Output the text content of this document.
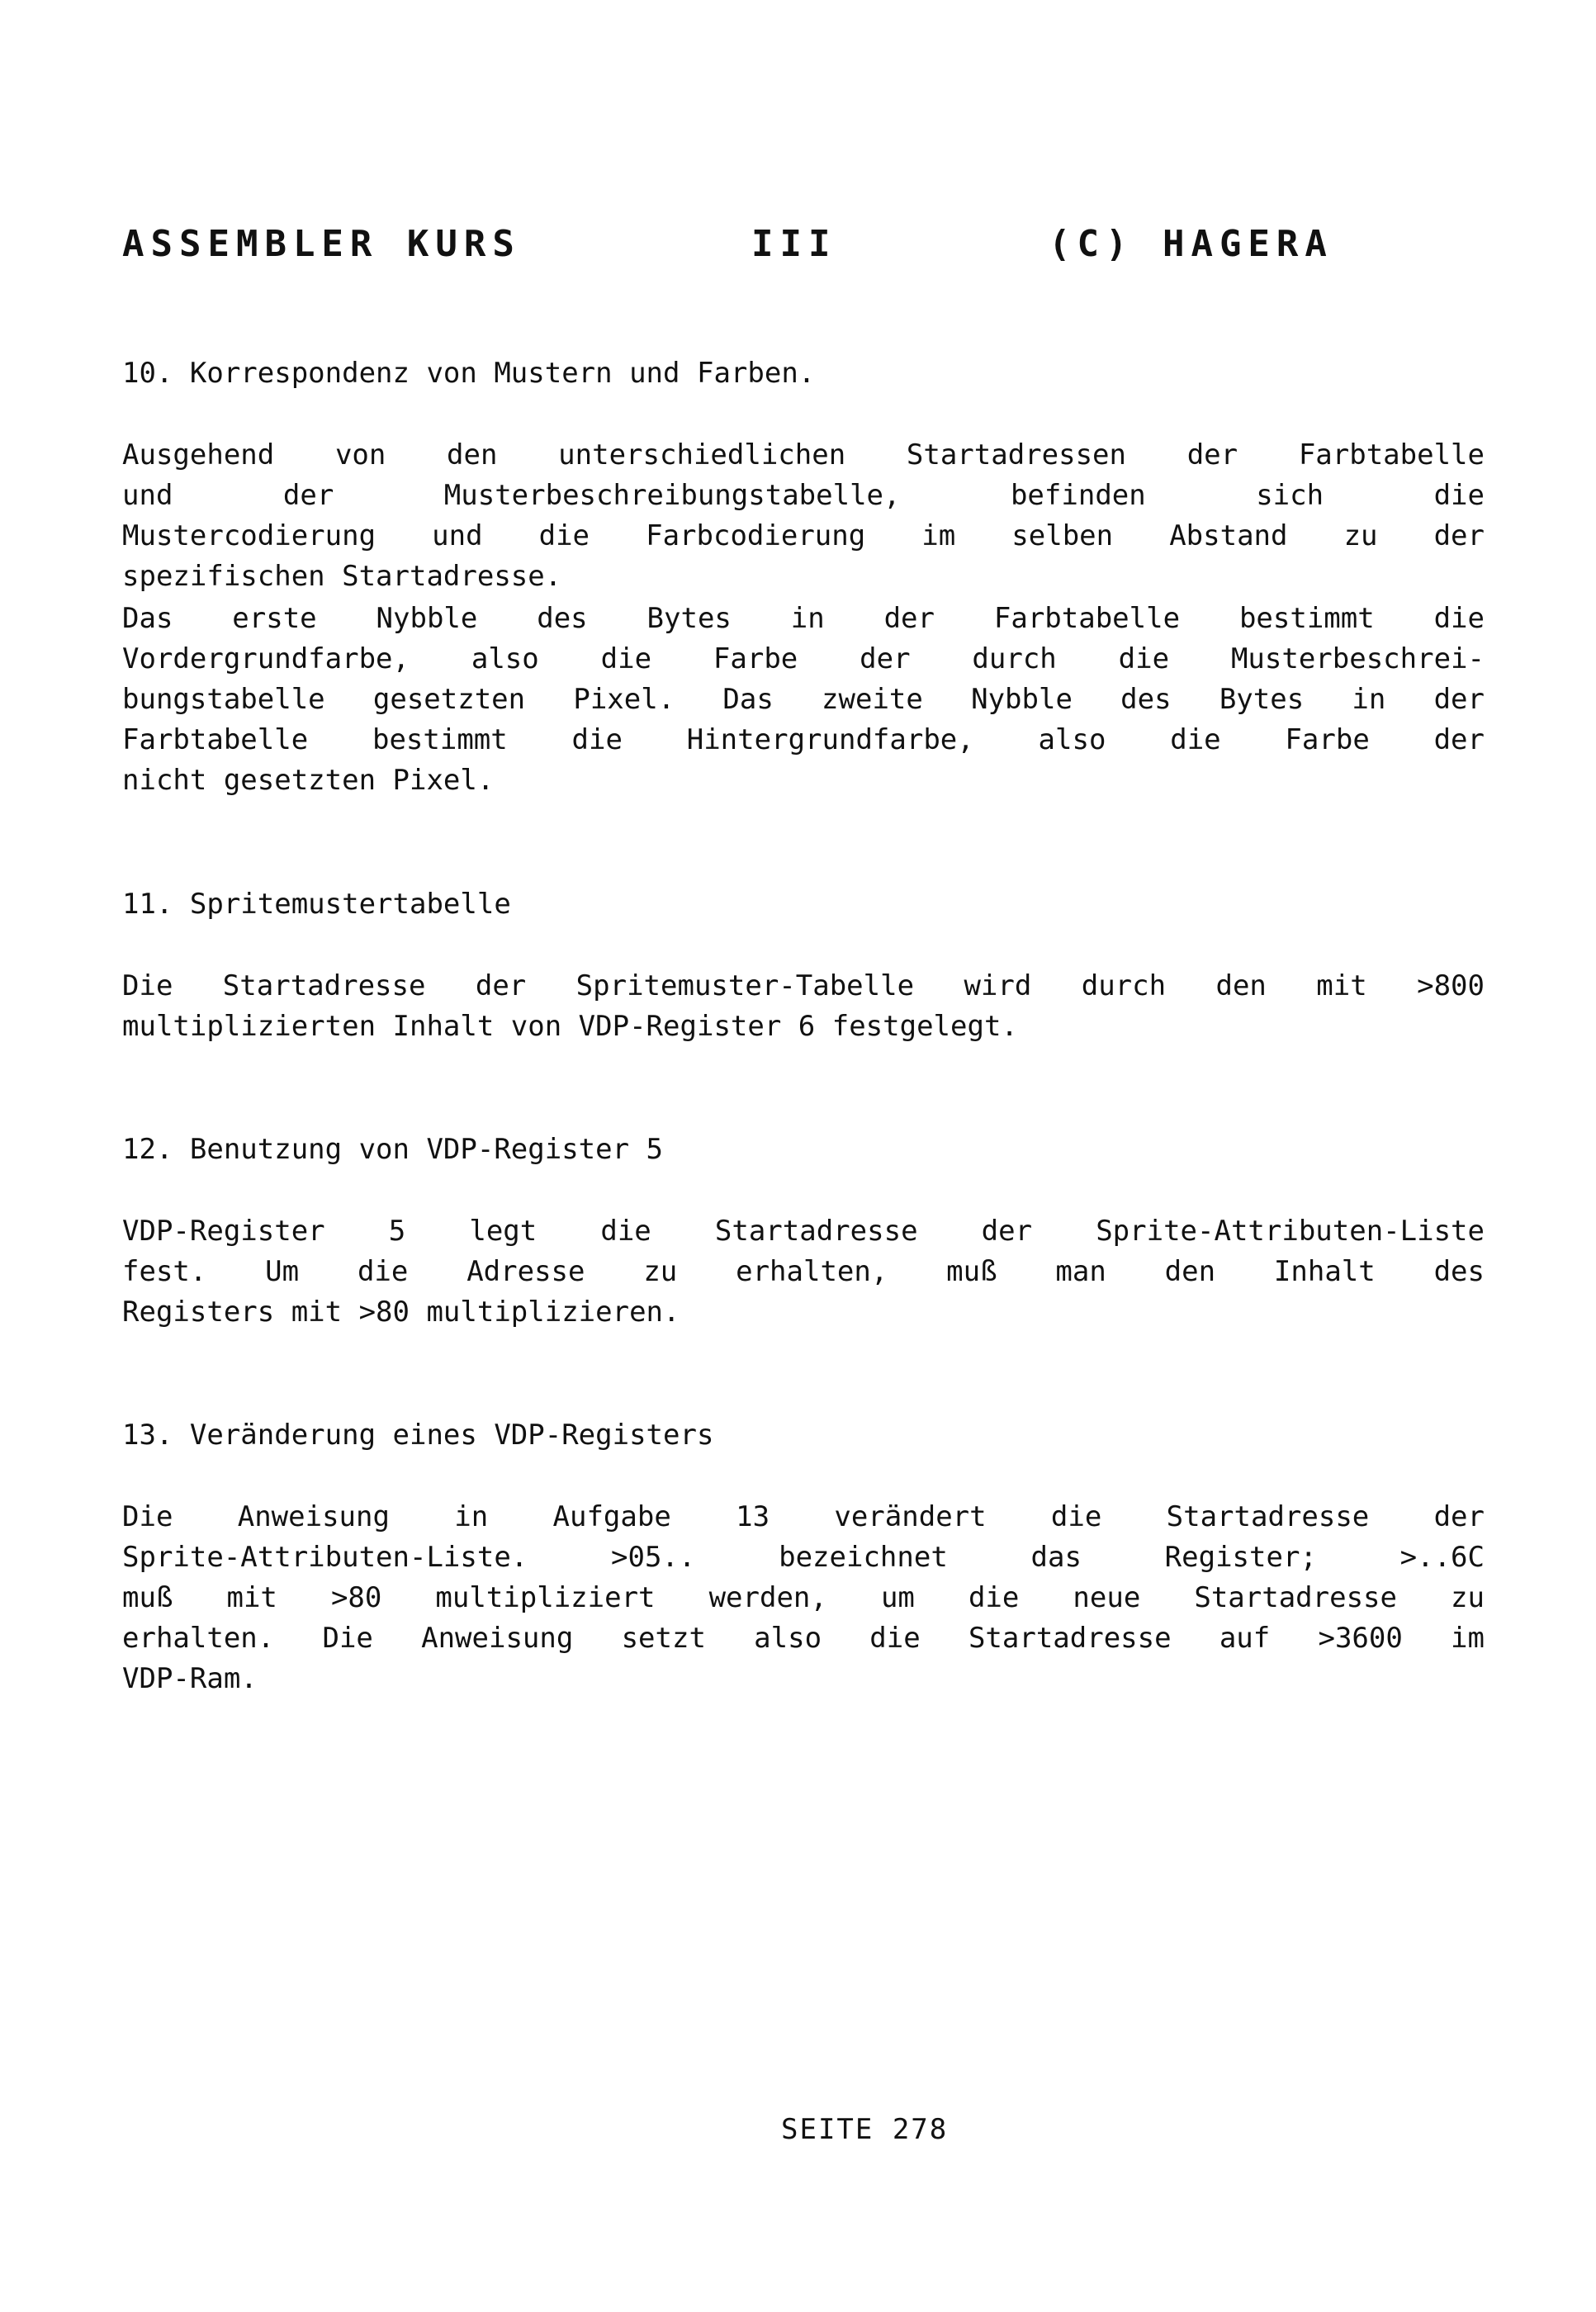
ASSEMBLER KURS

	III

	(C) HAGERA

10. Korrespondenz von Mustern und Farben.
Ausgehend von den unterschiedlichen Startadressen der Farbtabelle
und der Musterbeschreibungstabelle, befinden sich die
Mustercodierung und die Farbcodierung im selben Abstand zu der
spezifischen Startadresse.
Das erste Nybble des Bytes in der Farbtabelle bestimmt die
Vordergrundfarbe, also die Farbe der durch die Musterbeschrei-
bungstabelle gesetzten Pixel. Das zweite Nybble des Bytes in der
Farbtabelle bestimmt die Hintergrundfarbe, also die Farbe der
nicht gesetzten Pixel.
11. Spritemustertabelle
Die Startadresse der Spritemuster-Tabelle wird durch den mit >800
multiplizierten Inhalt von VDP-Register 6 festgelegt.
12. Benutzung von VDP-Register 5
VDP-Register 5 legt die Startadresse der Sprite-Attributen-Liste
fest. Um die Adresse zu erhalten, muß man den Inhalt des
Registers mit >80 multiplizieren.
13. Veränderung eines VDP-Registers
Die Anweisung in Aufgabe 13 verändert die Startadresse der
Sprite-Attributen-Liste. >05.. bezeichnet das Register; >..6C
muß mit >80 multipliziert werden, um die neue Startadresse zu
erhalten. Die Anweisung setzt also die Startadresse auf >3600 im
VDP-Ram.
SEITE 278
